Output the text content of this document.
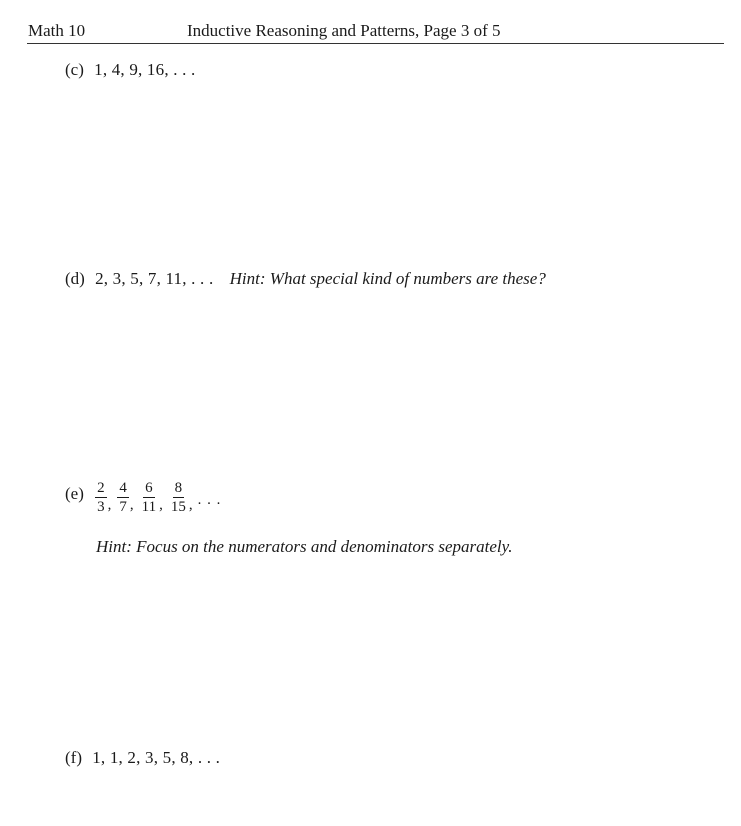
Math 10	Inductive Reasoning and Patterns, Page 3 of 5
(c) 1, 4, 9, 16, . . .
(d) 2, 3, 5, 7, 11, . . . Hint: What special kind of numbers are these?
$(e) \frac{2}{3}$ , $\frac{4}{7}$ , $\frac{6}{11}$ , $\frac{8}{15}$ , . . .
Hint: Focus on the numerators and denominators separately.
(f) 1, 1, 2, 3, 5, 8, . . .
